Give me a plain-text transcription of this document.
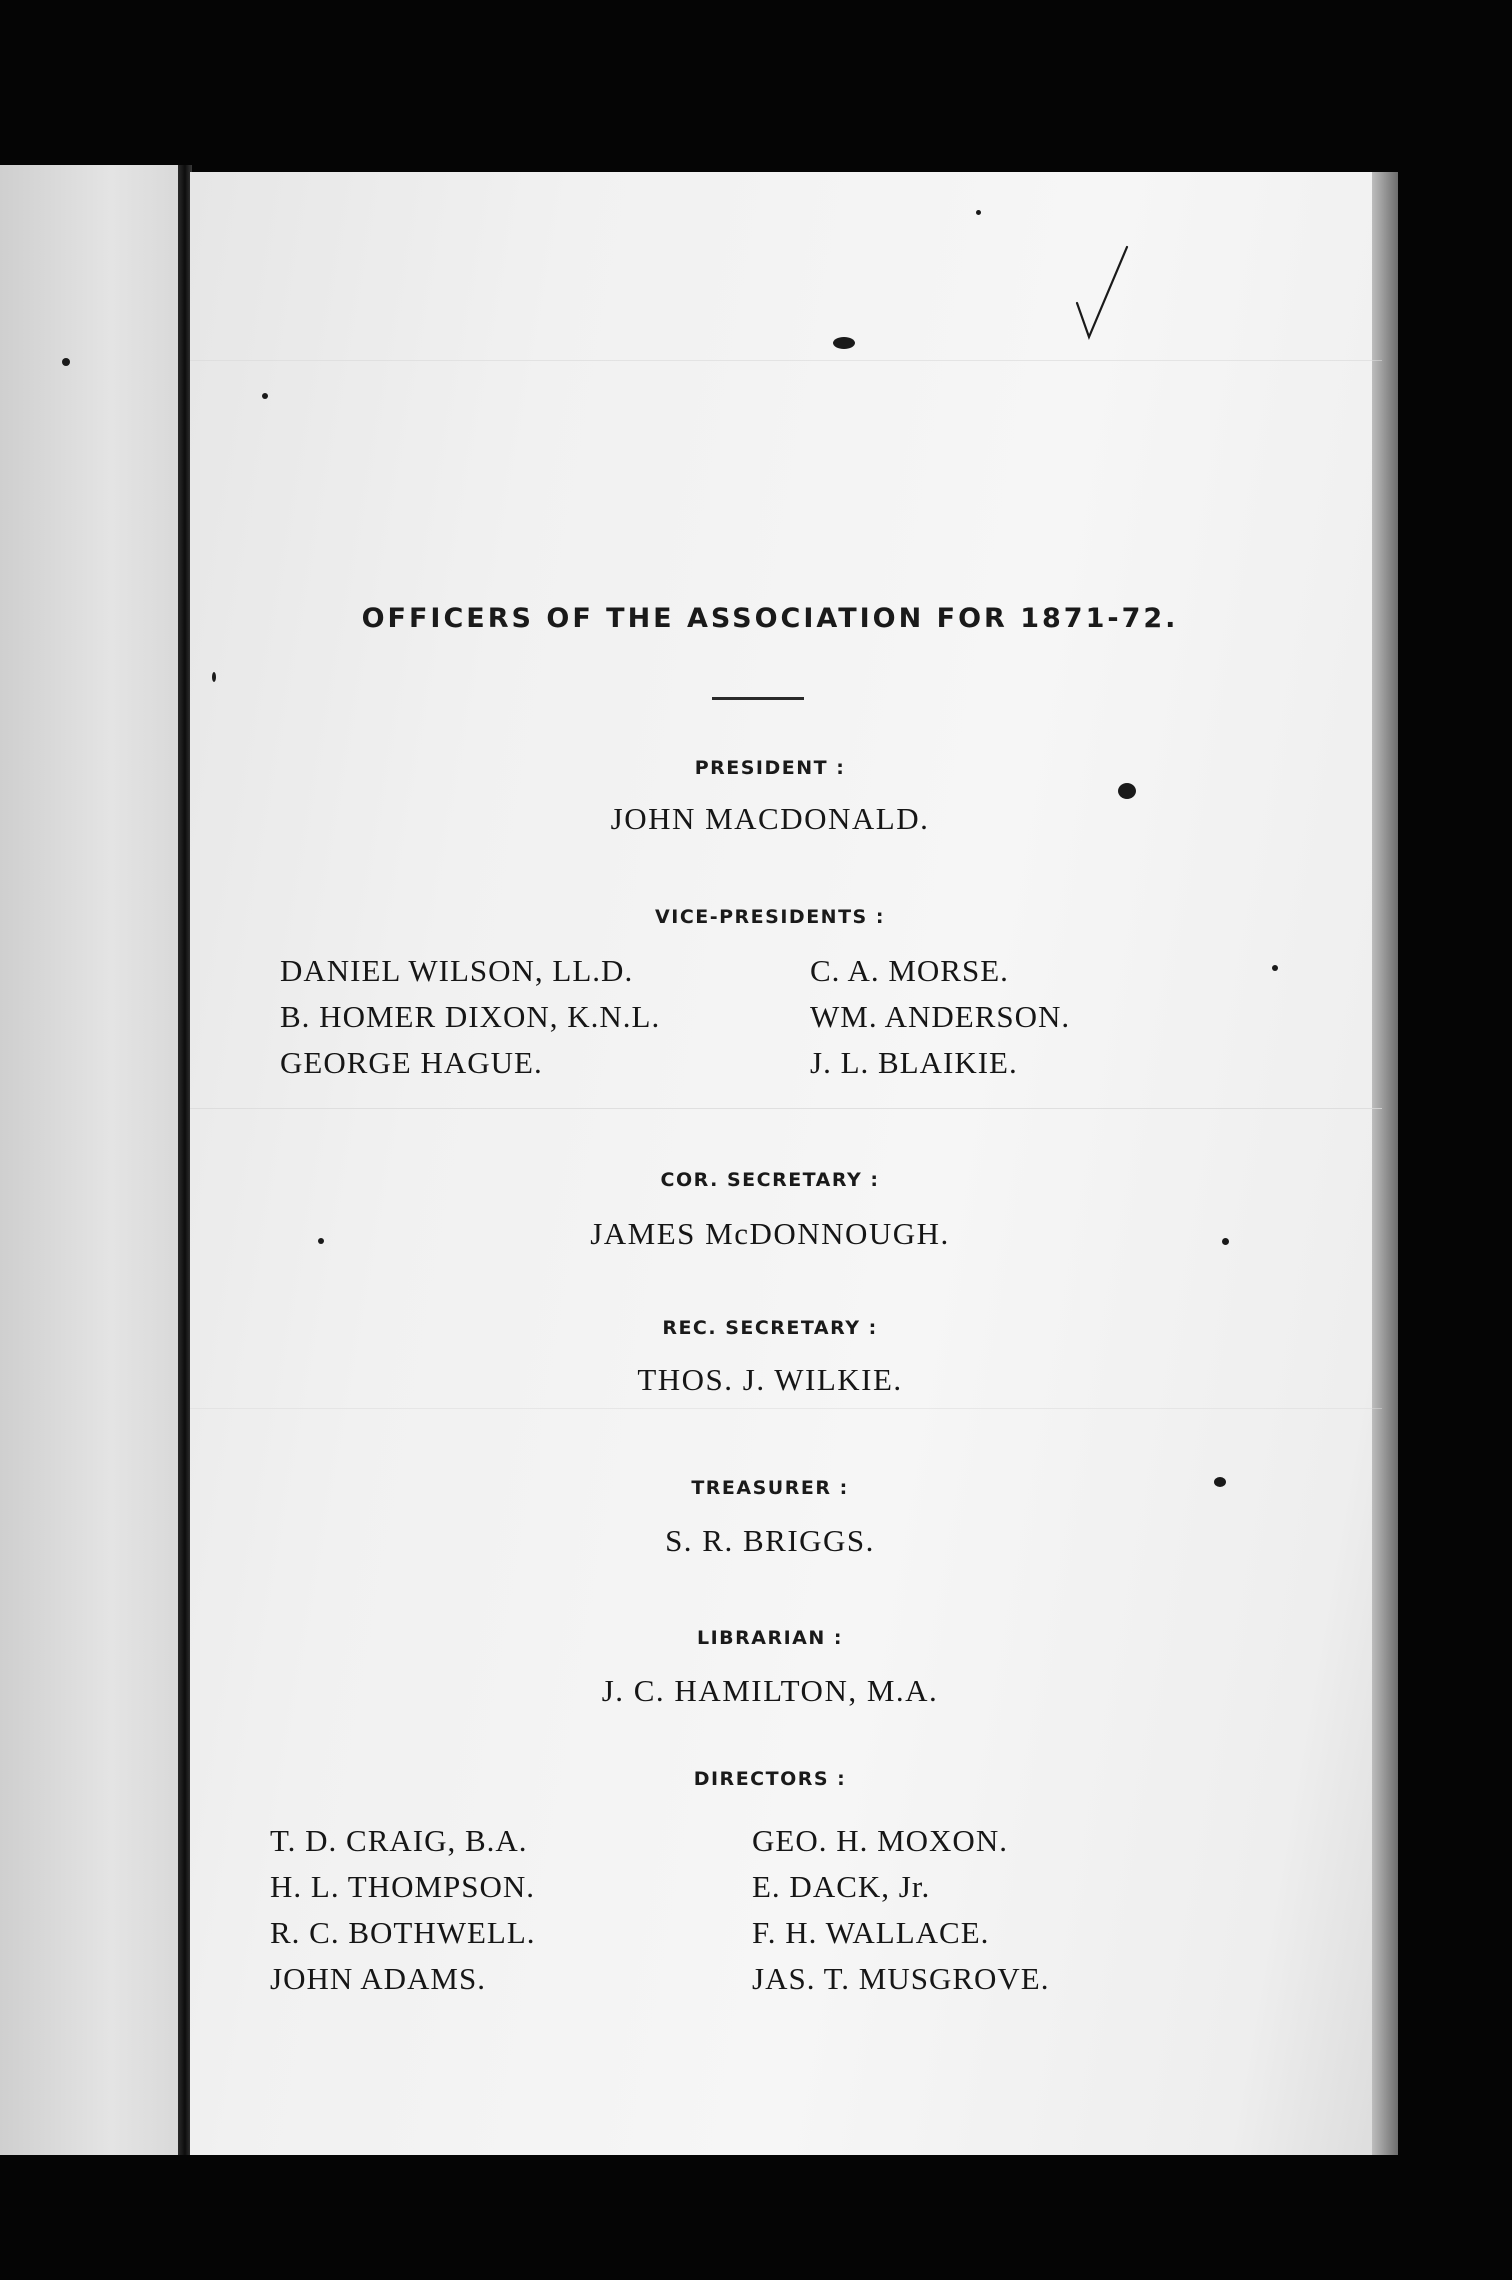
OFFICERS OF THE ASSOCIATION FOR 1871-72.
PRESIDENT :
JOHN MACDONALD.
VICE-PRESIDENTS :
DANIEL WILSON, LL.D.
B. HOMER DIXON, K.N.L.
GEORGE HAGUE.
C. A. MORSE.
WM. ANDERSON.
J. L. BLAIKIE.
COR. SECRETARY :
JAMES McDONNOUGH.
REC. SECRETARY :
THOS. J. WILKIE.
TREASURER :
S. R. BRIGGS.
LIBRARIAN :
J. C. HAMILTON, M.A.
DIRECTORS :
T. D. CRAIG, B.A.
H. L. THOMPSON.
R. C. BOTHWELL.
JOHN ADAMS.
GEO. H. MOXON.
E. DACK, Jr.
F. H. WALLACE.
JAS. T. MUSGROVE.
